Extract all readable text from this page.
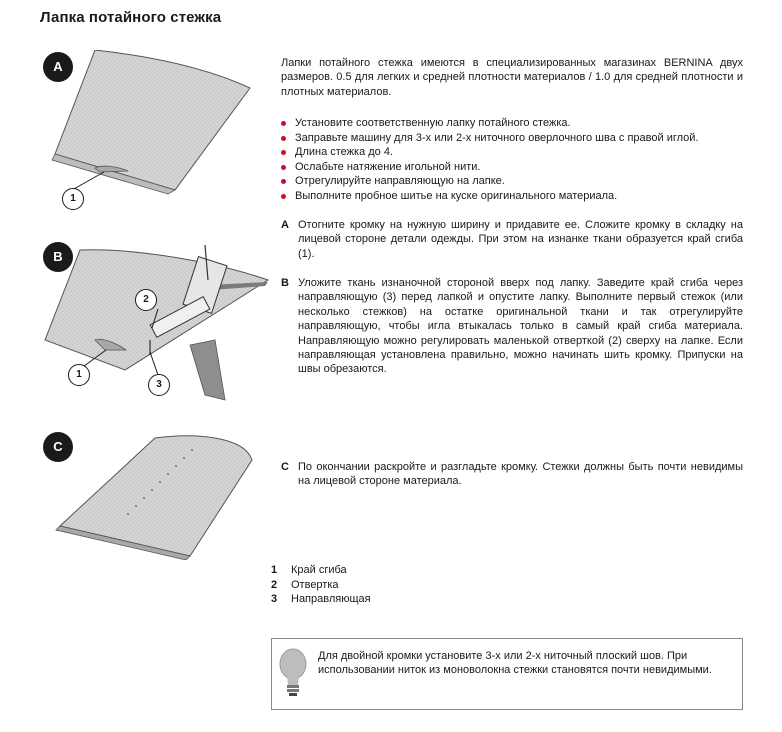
Лапка потайного стежка
A
1
B
2
1
3
C
Лапки потайного стежка имеются в специализированных магазинах BERNINA двух размеров. 0.5 для легких и средней плотности материалов / 1.0 для средней плотности и плотных материалов.
Установите соответственную лапку потайного стежка.
Заправьте машину для 3-х или 2-х ниточного оверлочного шва с правой иглой.
Длина стежка до 4.
Ослабьте натяжение игольной нити.
Отрегулируйте направляющую на лапке.
Выполните пробное шитье на куске оригинального материала.
A Отогните кромку на нужную ширину и придавите ее. Сложите кромку в складку на лицевой стороне детали одежды. При этом на изнанке ткани образуется край сгиба (1).
B Уложите ткань изнаночной стороной вверх под лапку. Заведите край сгиба через направляющую (3) перед лапкой и опустите лапку. Выполните первый стежок (или несколько стежков) на остатке оригинальной ткани и так отрегулируйте направляющую, чтобы игла втыкалась только в самый край сгиба материала. Направляющую можно регулировать маленькой отверткой (2) сверху на лапке. Если направляющая установлена правильно, можно начинать шить кромку. Припуски на швы обрезаются.
C По окончании раскройте и разгладьте кромку. Стежки должны быть почти невидимы на лицевой стороне материала.
1 Край сгиба
2 Отвертка
3 Направляющая
Для двойной кромки установите 3-х или 2-х ниточный плоский шов. При использовании ниток из моноволокна стежки становятся почти невидимыми.
